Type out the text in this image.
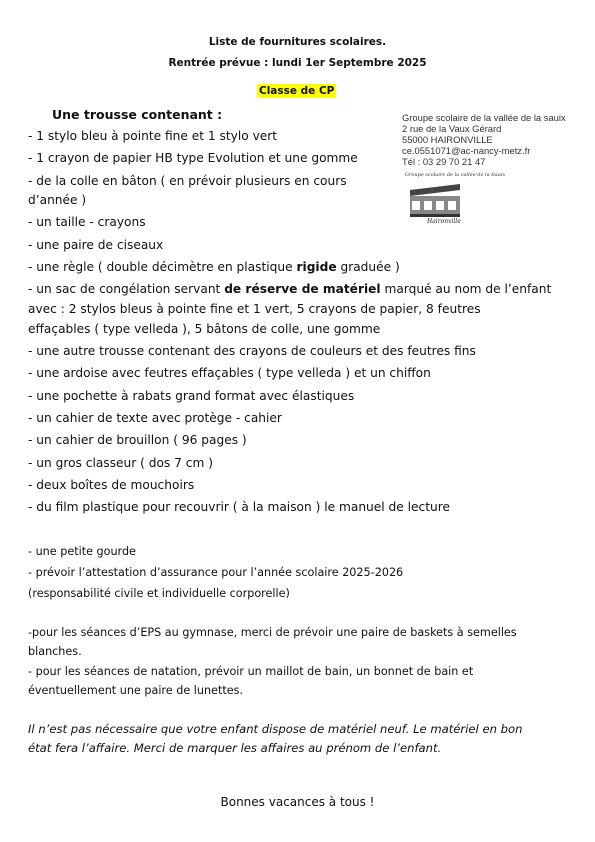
Liste de fournitures scolaires.
Rentrée prévue : lundi 1er Septembre 2025
Classe de CP
Une trousse contenant :	Groupe scolaire de la vallée de la sauix
2 rue de la Vaux Gérard
55000 HAIRONVILLE
ce.0551071@ac-nancy-metz.fr
Tél : 03 29 70 21 47
Groupe scolaire de la vallée de la Saulx
Haironville
- 1 stylo bleu à pointe fine et 1 stylo vert
- 1 crayon de papier HB type Evolution et une gomme
- de la colle en bâton ( en prévoir plusieurs en cours
d’année )
- un taille - crayons
- une paire de ciseaux
- une règle ( double décimètre en plastique rigide graduée )
- un sac de congélation servant de réserve de matériel marqué au nom de l’enfant
avec : 2 stylos bleus à pointe fine et 1 vert, 5 crayons de papier, 8 feutres
effaçables ( type velleda ), 5 bâtons de colle, une gomme
- une autre trousse contenant des crayons de couleurs et des feutres fins
- une ardoise avec feutres effaçables ( type velleda ) et un chiffon
- une pochette à rabats grand format avec élastiques
- un cahier de texte avec protège - cahier
- un cahier de brouillon ( 96 pages )
- un gros classeur ( dos 7 cm )
- deux boîtes de mouchoirs
- du film plastique pour recouvrir ( à la maison ) le manuel de lecture
- une petite gourde
- prévoir l’attestation d’assurance pour l’année scolaire 2025-2026
(responsabilité civile et individuelle corporelle)
-pour les séances d’EPS au gymnase, merci de prévoir une paire de baskets à semelles
blanches.
- pour les séances de natation, prévoir un maillot de bain, un bonnet de bain et
éventuellement une paire de lunettes.
Il n’est pas nécessaire que votre enfant dispose de matériel neuf. Le matériel en bon
état fera l’affaire. Merci de marquer les affaires au prénom de l’enfant.
Bonnes vacances à tous !
